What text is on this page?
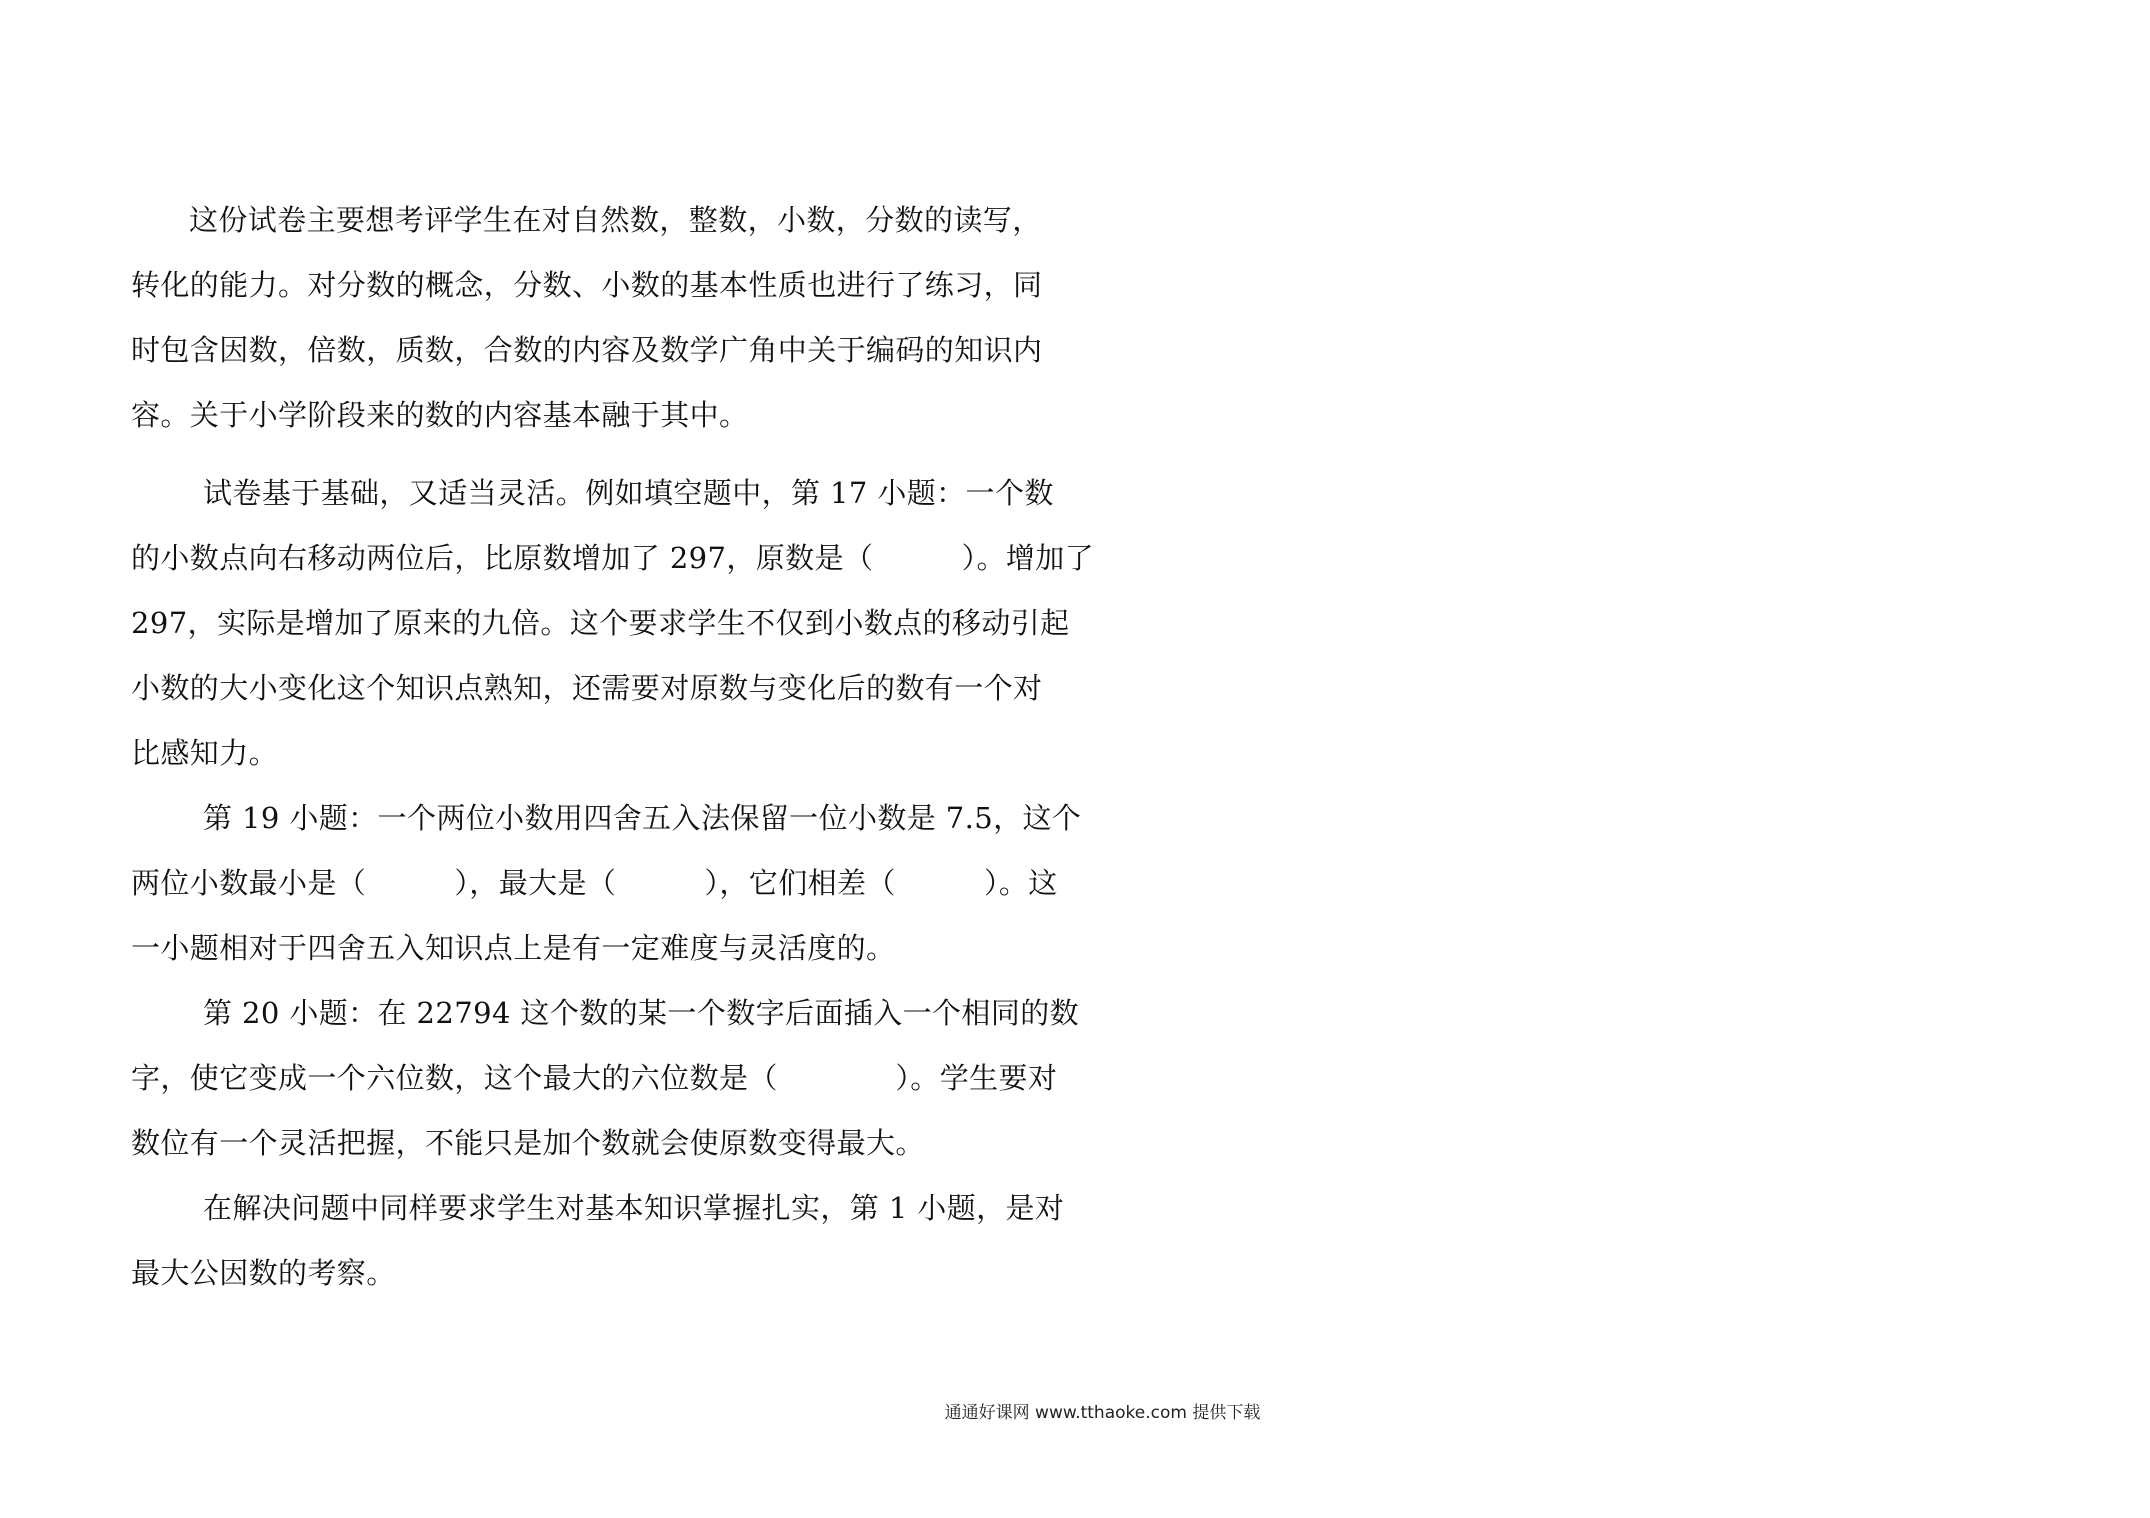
这份试卷主要想考评学生在对自然数，整数，小数，分数的读写，
转化的能力。对分数的概念，分数、小数的基本性质也进行了练习，同
时包含因数，倍数，质数，合数的内容及数学广角中关于编码的知识内
容。关于小学阶段来的数的内容基本融于其中。
试卷基于基础，又适当灵活。例如填空题中，第 17 小题：一个数
的小数点向右移动两位后，比原数增加了 297，原数是（　　　）。增加了
297，实际是增加了原来的九倍。这个要求学生不仅到小数点的移动引起
小数的大小变化这个知识点熟知，还需要对原数与变化后的数有一个对
比感知力。
第 19 小题：一个两位小数用四舍五入法保留一位小数是 7.5，这个
两位小数最小是（　　　），最大是（　　　），它们相差（　　　）。这
一小题相对于四舍五入知识点上是有一定难度与灵活度的。
第 20 小题：在 22794 这个数的某一个数字后面插入一个相同的数
字，使它变成一个六位数，这个最大的六位数是（　　　　）。学生要对
数位有一个灵活把握，不能只是加个数就会使原数变得最大。
在解决问题中同样要求学生对基本知识掌握扎实，第 1 小题，是对
最大公因数的考察。
通通好课网 www.tthaoke.com 提供下载
